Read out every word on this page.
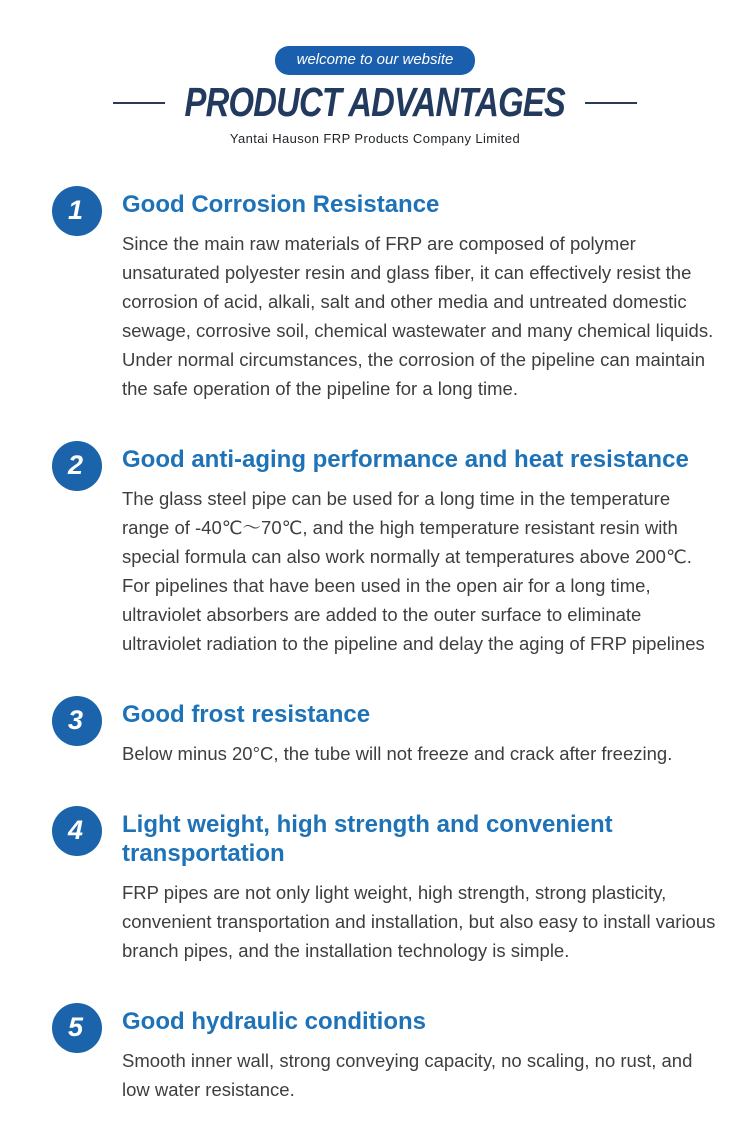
welcome to our website
PRODUCT ADVANTAGES
Yantai Hauson FRP Products Company Limited
1 Good Corrosion Resistance

Since the main raw materials of FRP are composed of polymer unsaturated polyester resin and glass fiber, it can effectively resist the corrosion of acid, alkali, salt and other media and untreated domestic sewage, corrosive soil, chemical wastewater and many chemical liquids. Under normal circumstances, the corrosion of the pipeline can maintain the safe operation of the pipeline for a long time.

2 Good anti-aging performance and heat resistance

The glass steel pipe can be used for a long time in the temperature range of -40℃～70℃, and the high temperature resistant resin with special formula can also work normally at temperatures above 200℃. For pipelines that have been used in the open air for a long time, ultraviolet absorbers are added to the outer surface to eliminate ultraviolet radiation to the pipeline and delay the aging of FRP pipelines

3 Good frost resistance

Below minus 20°C, the tube will not freeze and crack after freezing.

4 Light weight, high strength and convenient transportation

FRP pipes are not only light weight, high strength, strong plasticity, convenient transportation and installation, but also easy to install various branch pipes, and the installation technology is simple.

5 Good hydraulic conditions

Smooth inner wall, strong conveying capacity, no scaling, no rust, and low water resistance.
